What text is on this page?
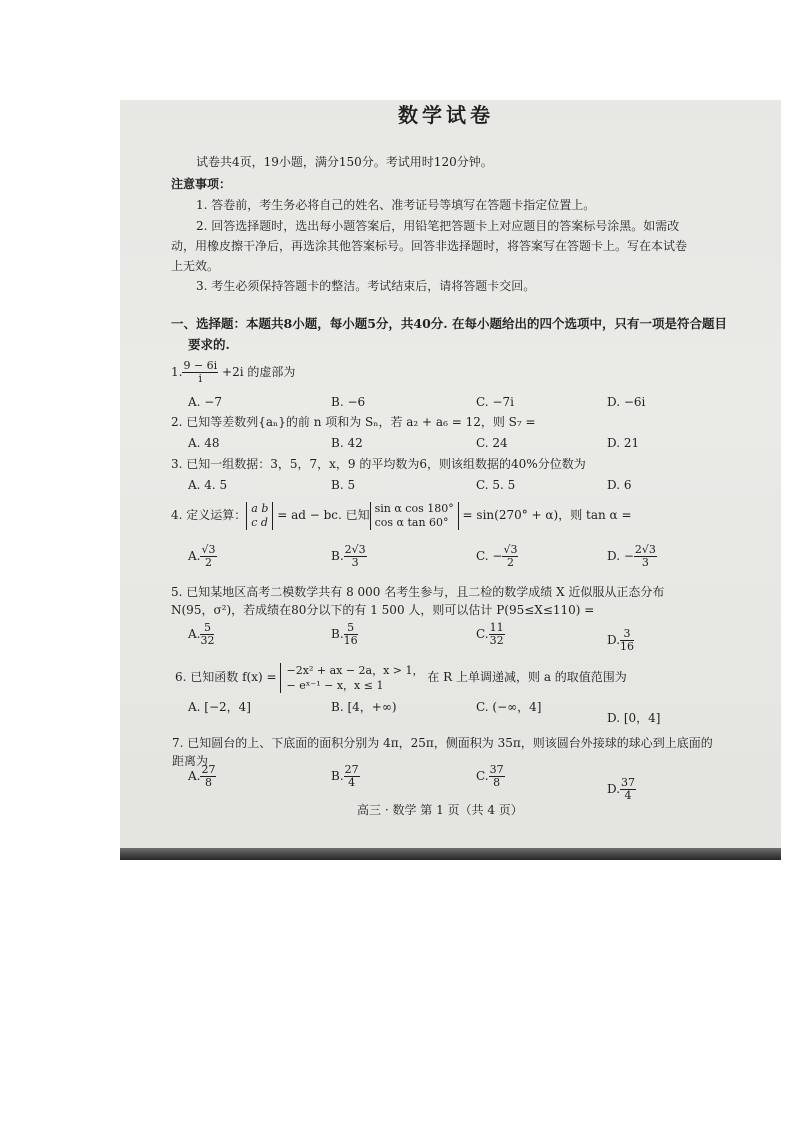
数学试卷
试卷共4页，19小题，满分150分。考试用时120分钟。
注意事项：
1. 答卷前，考生务必将自己的姓名、准考证号等填写在答题卡指定位置上。
2. 回答选择题时，选出每小题答案后，用铅笔把答题卡上对应题目的答案标号涂黑。如需改
动，用橡皮擦干净后，再选涂其他答案标号。回答非选择题时，将答案写在答题卡上。写在本试卷
上无效。
3. 考生必须保持答题卡的整洁。考试结束后，请将答题卡交回。
一、选择题：本题共8小题，每小题5分，共40分. 在每小题给出的四个选项中，只有一项是符合题目
要求的.
1. $\frac{9 - 6i}{i} +2i$ 的虚部为
A. −7	B. −6	C. −7i	D. −6i
2. 已知等差数列{aₙ}的前 n 项和为 Sₙ，若 a₂ + a₆ = 12，则 S₇ =
A. 48	B. 42	C. 24	D. 21
3. 已知一组数据：3，5，7，x，9 的平均数为6，则该组数据的40%分位数为
A. 4. 5	B. 5	C. 5. 5	D. 6
4. 定义运算： a b
c d = ad − bc. 已知 sin α cos 180°
cos α tan 60°	= sin(270° + α)，则 tan α =
A. $\frac{√3}{2}$	B. $\frac{2√3}{3}$	C. − $\frac{√3}{2}$	D. − $\frac{2√3}{3}$
5. 已知某地区高考二模数学共有 8 000 名考生参与，且二检的数学成绩 X 近似服从正态分布
N(95，σ²)，若成绩在80分以下的有 1 500 人，则可以估计 P(95≤X≤110) =
A. $\frac{5}{32}$	B. $\frac{5}{16}$	C. $\frac{11}{32}$	D. $\frac{3}{16}$
6. 已知函数 f(x) = −2x² + ax − 2a，x > 1，
− eˣ⁻¹ − x，x ≤ 1
在 R 上单调递减，则 a 的取值范围为
A. [−2，4]	B. [4，+∞)	C. (−∞，4]
D. [0，4]
7. 已知圆台的上、下底面的面积分别为 4π，25π，侧面积为 35π，则该圆台外接球的球心到上底面的
距离为
A. $\frac{27}{8}$	B. $\frac{27}{4}$	C. $\frac{37}{8}$	D. $\frac{37}{4}$
高三 · 数学 第 1 页（共 4 页）
